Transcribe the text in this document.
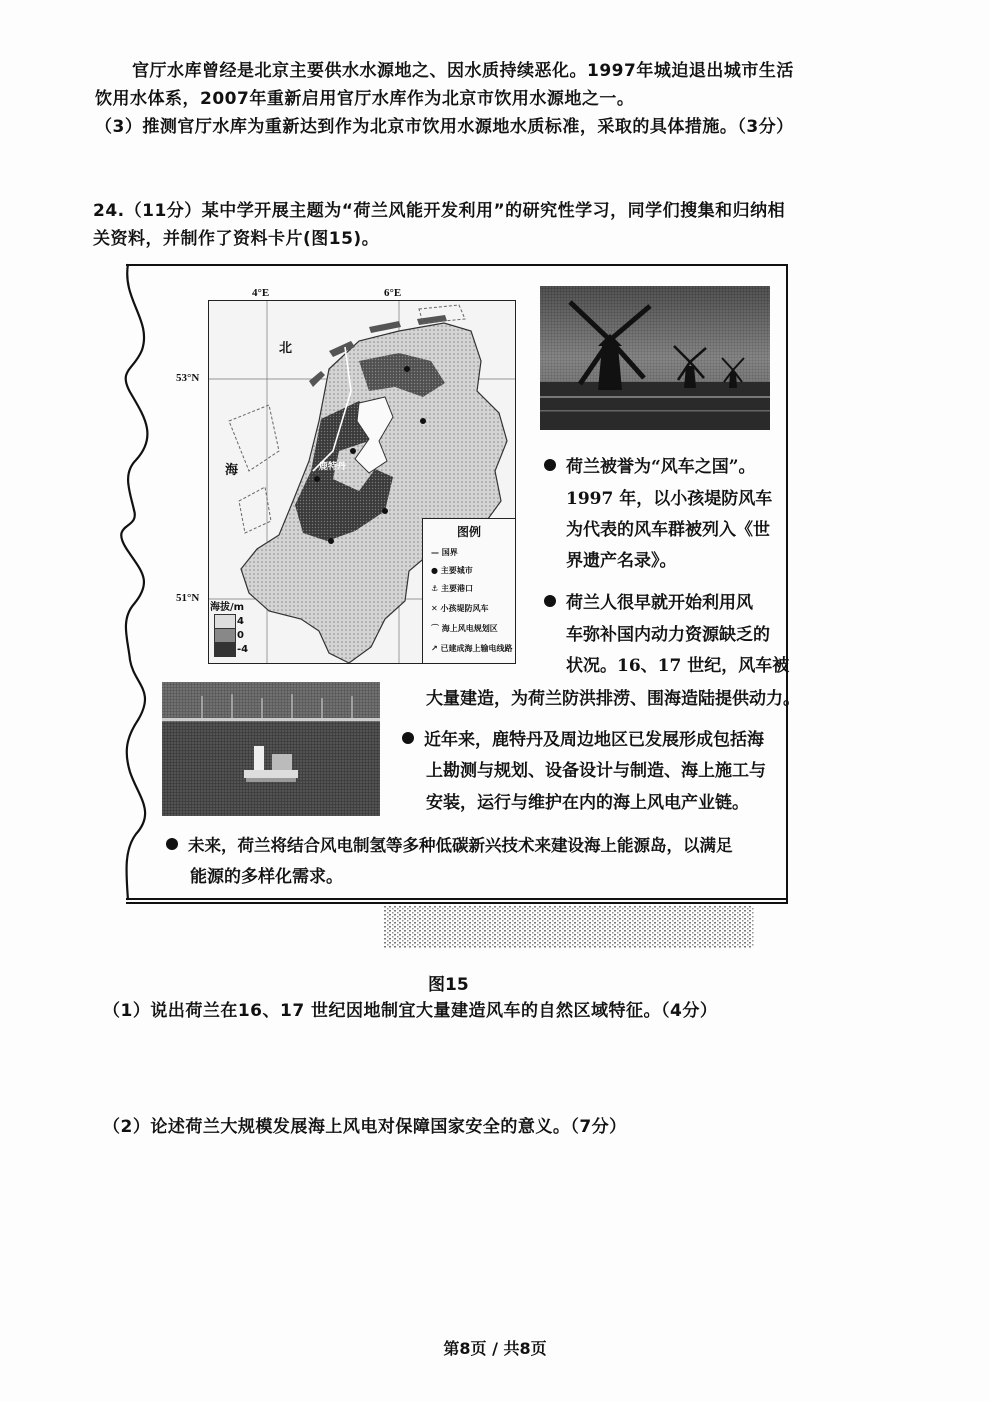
官厅水库曾经是北京主要供水水源地之、因水质持续恶化。1997年城迫退出城市生活
饮用水体系，2007年重新启用官厅水库作为北京市饮用水源地之一。
（3）推测官厅水库为重新达到作为北京市饮用水源地水质标准，采取的具体措施。（3分）
24.（11分）某中学开展主题为“荷兰风能开发利用”的研究性学习，同学们搜集和归纳相
关资料，并制作了资料卡片(图15)。
北
海	鹿特丹
4°E	6°E
53°N
51°N
海拔/m
4
0
-4
图例
— 国界
● 主要城市
⚓ 主要港口
✕ 小孩堤防风车
⌒ 海上风电规划区
↗ 已建成海上输电线路
荷兰被誉为“风车之国”。
1997 年，以小孩堤防风车
为代表的风车群被列入《世
界遗产名录》。
荷兰人很早就开始利用风
车弥补国内动力资源缺乏的
状况。16、17 世纪，风车被
大量建造，为荷兰防洪排涝、围海造陆提供动力。
近年来，鹿特丹及周边地区已发展形成包括海
上勘测与规划、设备设计与制造、海上施工与
安装，运行与维护在内的海上风电产业链。
未来，荷兰将结合风电制氢等多种低碳新兴技术来建设海上能源岛，以满足
能源的多样化需求。
图15
（1）说出荷兰在16、17 世纪因地制宜大量建造风车的自然区域特征。（4分）
（2）论述荷兰大规模发展海上风电对保障国家安全的意义。（7分）
第8页 / 共8页
